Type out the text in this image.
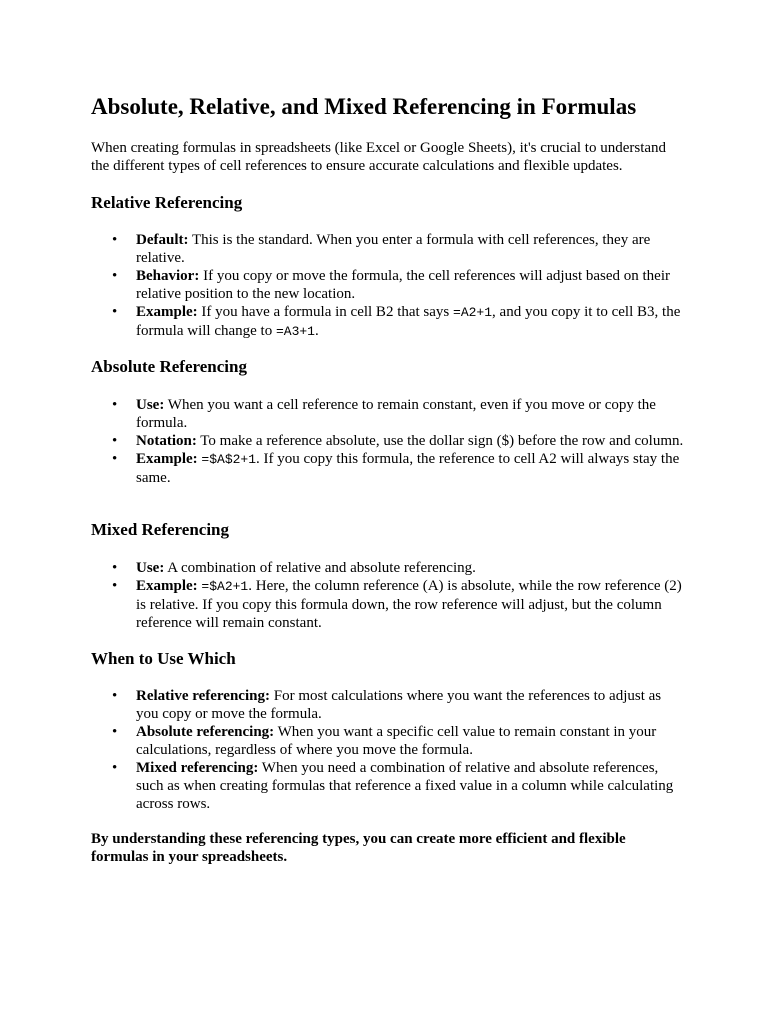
Absolute, Relative, and Mixed Referencing in Formulas

When creating formulas in spreadsheets (like Excel or Google Sheets), it's crucial to understand the different types of cell references to ensure accurate calculations and flexible updates.

Relative Referencing
• Default: This is the standard. When you enter a formula with cell references, they are relative.
• Behavior: If you copy or move the formula, the cell references will adjust based on their relative position to the new location.
• Example: If you have a formula in cell B2 that says =A2+1, and you copy it to cell B3, the formula will change to =A3+1.
Absolute Referencing
• Use: When you want a cell reference to remain constant, even if you move or copy the formula.
• Notation: To make a reference absolute, use the dollar sign ($) before the row and column.
• Example: =$A$2+1. If you copy this formula, the reference to cell A2 will always stay the same.
Mixed Referencing
• Use: A combination of relative and absolute referencing.
• Example: =$A2+1. Here, the column reference (A) is absolute, while the row reference (2) is relative. If you copy this formula down, the row reference will adjust, but the column reference will remain constant.
When to Use Which
• Relative referencing: For most calculations where you want the references to adjust as you copy or move the formula.
• Absolute referencing: When you want a specific cell value to remain constant in your calculations, regardless of where you move the formula.
• Mixed referencing: When you need a combination of relative and absolute references, such as when creating formulas that reference a fixed value in a column while calculating across rows.

By understanding these referencing types, you can create more efficient and flexible formulas in your spreadsheets.
